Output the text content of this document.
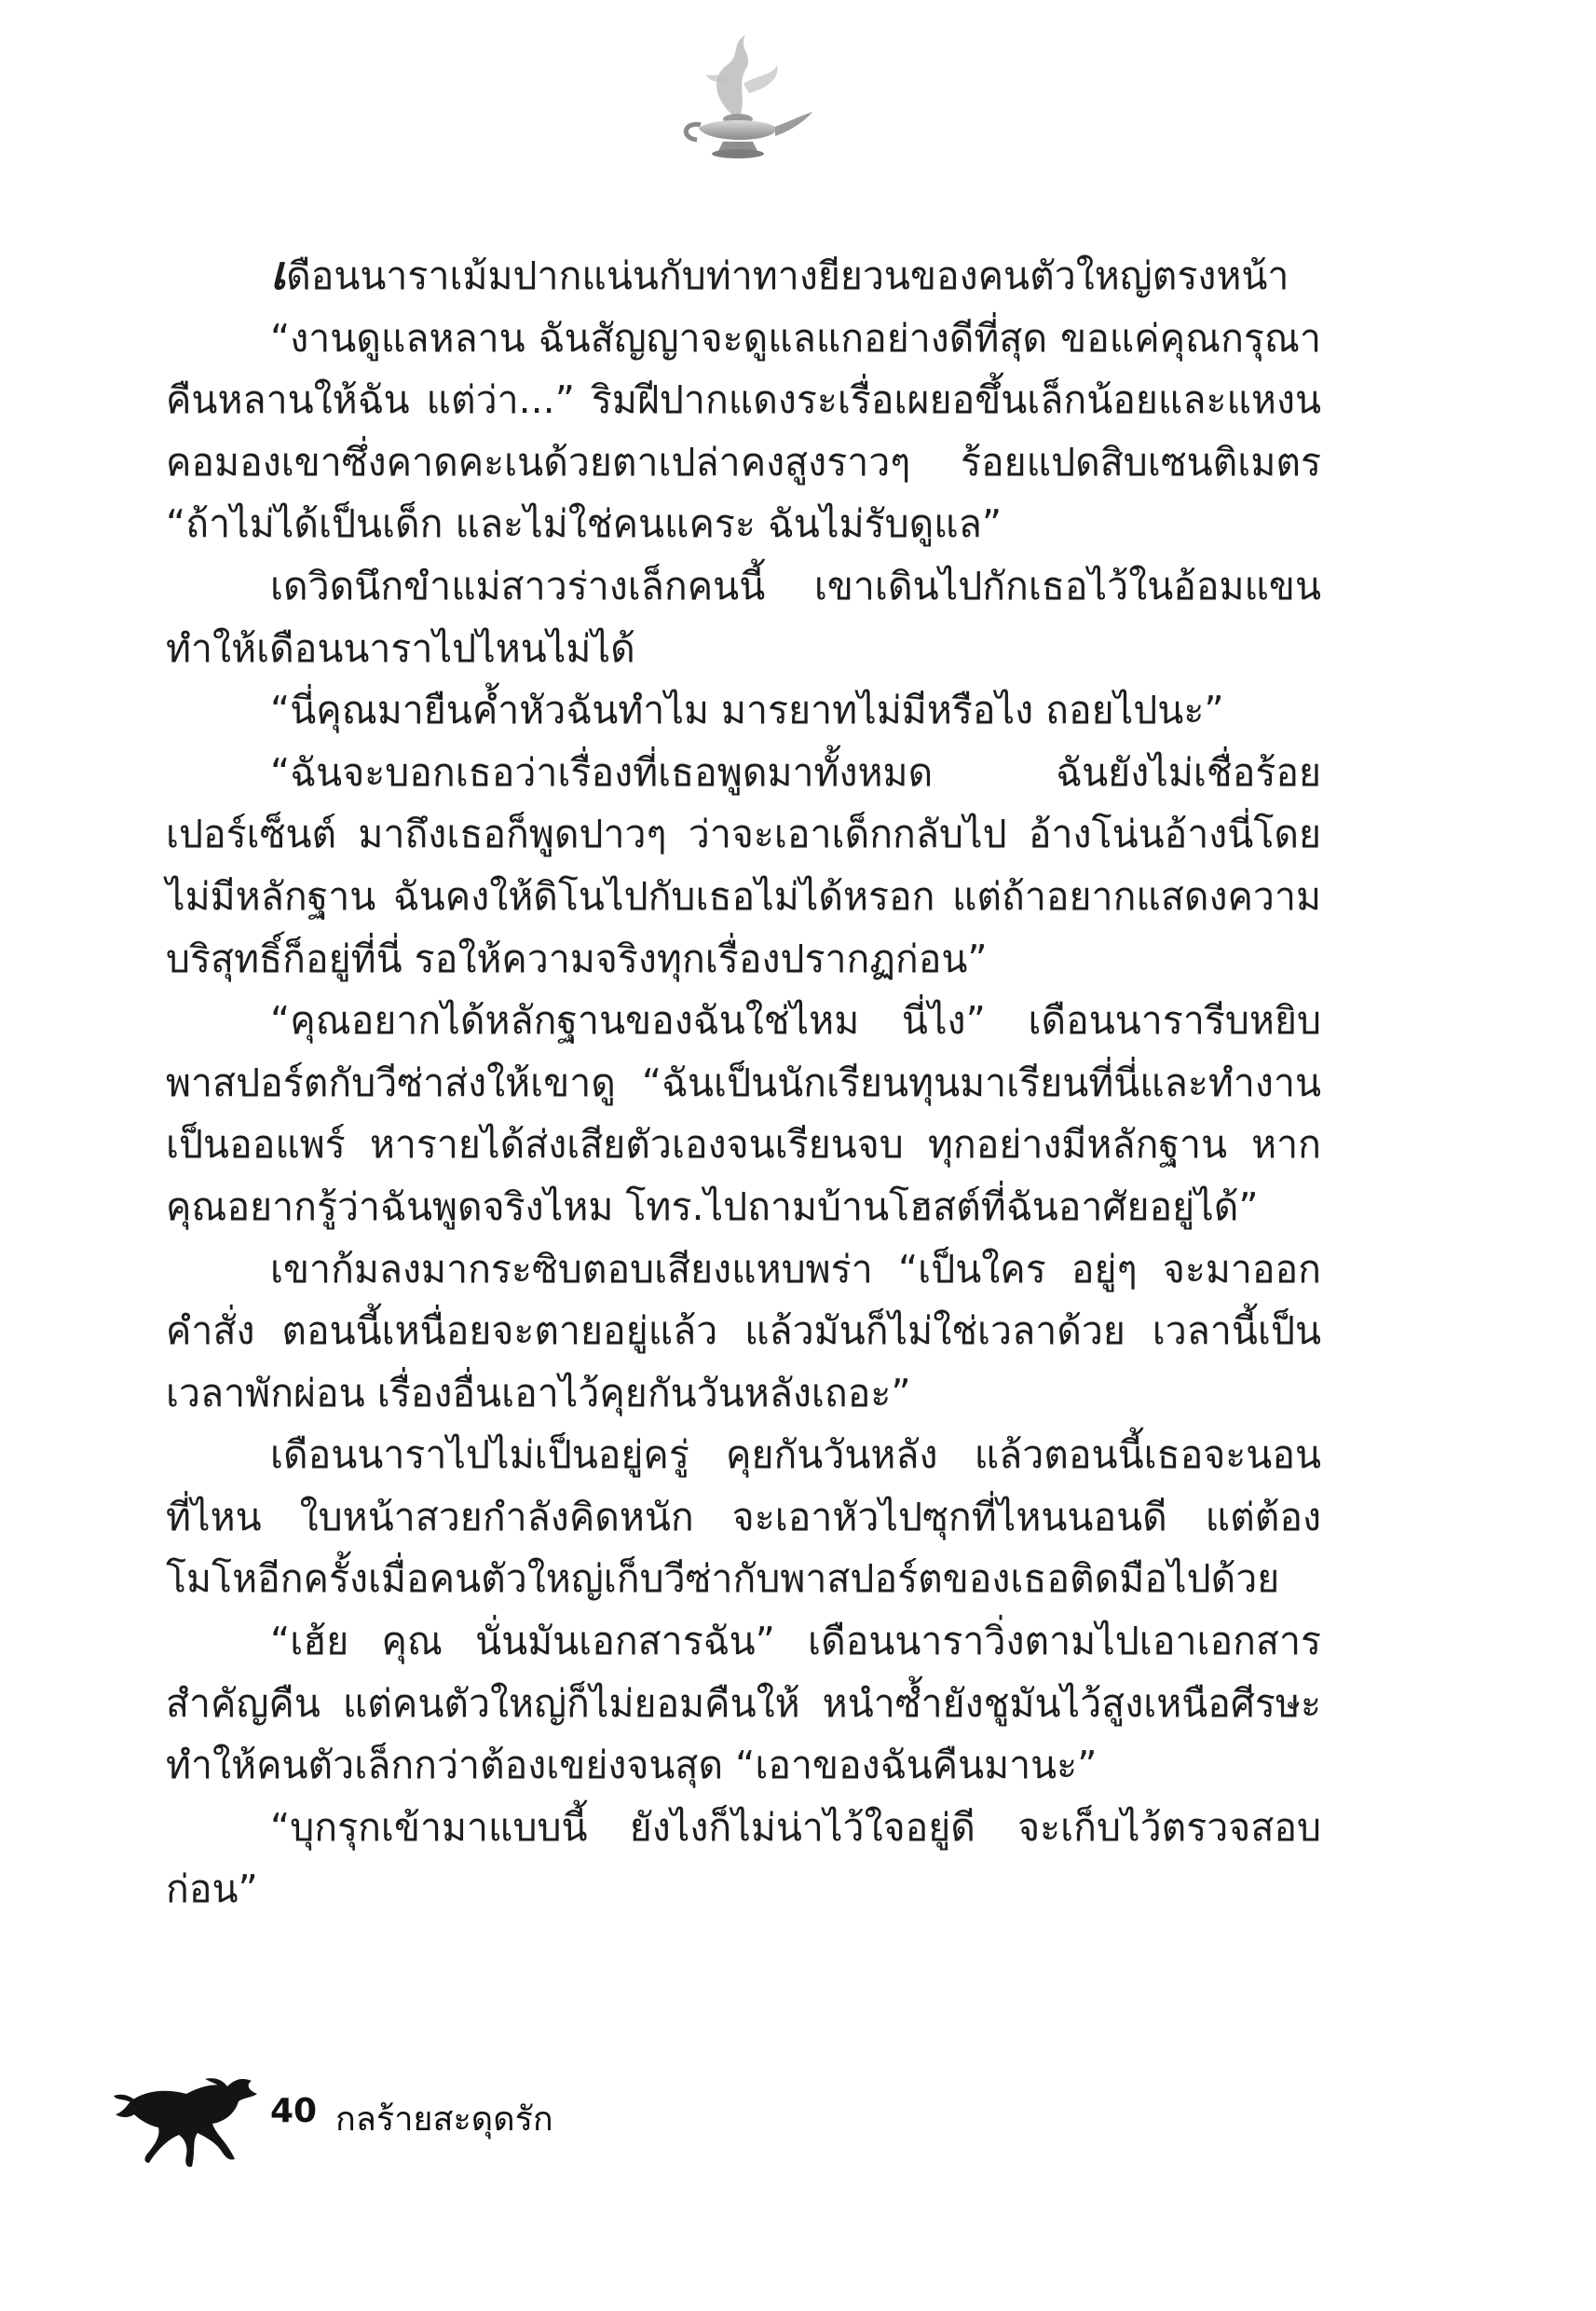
เดือนนาราเม้มปากแน่นกับท่าทางยียวนของคนตัวใหญ่ตรงหน้า

“งานดูแลหลาน ฉันสัญญาจะดูแลแกอย่างดีที่สุด ขอแค่คุณกรุณาคืนหลานให้ฉัน แต่ว่า...” ริมฝีปากแดงระเรื่อเผยอขึ้นเล็กน้อยและแหงนคอมองเขาซึ่งคาดคะเนด้วยตาเปล่าคงสูงราวๆ ร้อยแปดสิบเซนติเมตร “ถ้าไม่ได้เป็นเด็ก และไม่ใช่คนแคระ ฉันไม่รับดูแล”

เดวิดนึกขำแม่สาวร่างเล็กคนนี้ เขาเดินไปกักเธอไว้ในอ้อมแขน ทำให้เดือนนาราไปไหนไม่ได้

“นี่คุณมายืนค้ำหัวฉันทำไม มารยาทไม่มีหรือไง ถอยไปนะ”

“ฉันจะบอกเธอว่าเรื่องที่เธอพูดมาทั้งหมด ฉันยังไม่เชื่อร้อยเปอร์เซ็นต์ มาถึงเธอก็พูดปาวๆ ว่าจะเอาเด็กกลับไป อ้างโน่นอ้างนี่โดยไม่มีหลักฐาน ฉันคงให้ดิโนไปกับเธอไม่ได้หรอก แต่ถ้าอยากแสดงความบริสุทธิ์ก็อยู่ที่นี่ รอให้ความจริงทุกเรื่องปรากฏก่อน”

“คุณอยากได้หลักฐานของฉันใช่ไหม นี่ไง” เดือนนารารีบหยิบพาสปอร์ตกับวีซ่าส่งให้เขาดู “ฉันเป็นนักเรียนทุนมาเรียนที่นี่และทำงานเป็นออแพร์ หารายได้ส่งเสียตัวเองจนเรียนจบ ทุกอย่างมีหลักฐาน หากคุณอยากรู้ว่าฉันพูดจริงไหม โทร.ไปถามบ้านโฮสต์ที่ฉันอาศัยอยู่ได้”

เขาก้มลงมากระซิบตอบเสียงแหบพร่า “เป็นใคร อยู่ๆ จะมาออกคำสั่ง ตอนนี้เหนื่อยจะตายอยู่แล้ว แล้วมันก็ไม่ใช่เวลาด้วย เวลานี้เป็นเวลาพักผ่อน เรื่องอื่นเอาไว้คุยกันวันหลังเถอะ”

เดือนนาราไปไม่เป็นอยู่ครู่ คุยกันวันหลัง แล้วตอนนี้เธอจะนอนที่ไหน ใบหน้าสวยกำลังคิดหนัก จะเอาหัวไปซุกที่ไหนนอนดี แต่ต้องโมโหอีกครั้งเมื่อคนตัวใหญ่เก็บวีซ่ากับพาสปอร์ตของเธอติดมือไปด้วย

“เฮ้ย คุณ นั่นมันเอกสารฉัน” เดือนนาราวิ่งตามไปเอาเอกสารสำคัญคืน แต่คนตัวใหญ่ก็ไม่ยอมคืนให้ หนำซ้ำยังชูมันไว้สูงเหนือศีรษะ ทำให้คนตัวเล็กกว่าต้องเขย่งจนสุด “เอาของฉันคืนมานะ”

“บุกรุกเข้ามาแบบนี้ ยังไงก็ไม่น่าไว้ใจอยู่ดี จะเก็บไว้ตรวจสอบก่อน”

40 กลร้ายสะดุดรัก
